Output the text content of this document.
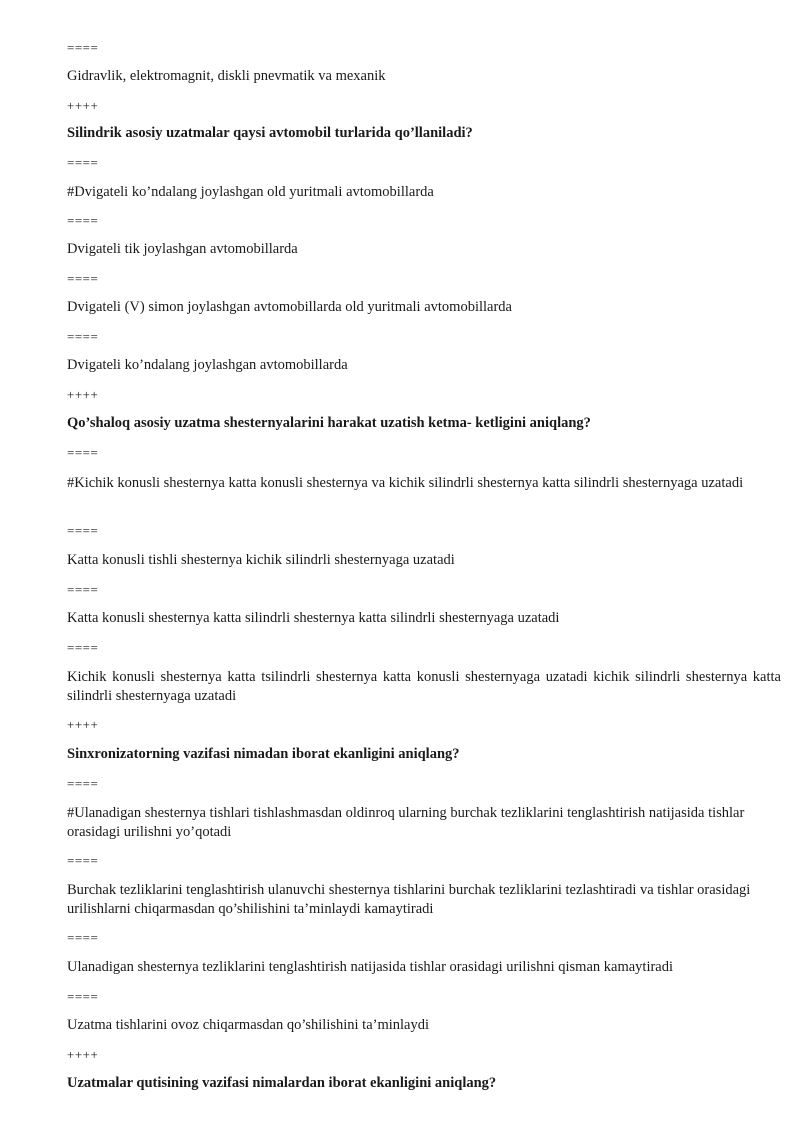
====

Gidravlik, elektromagnit, diskli pnevmatik va mexanik

++++

Silindrik asosiy uzatmalar qaysi avtomobil turlarida qo’llaniladi?

====

#Dvigateli ko’ndalang joylashgan old yuritmali avtomobillarda

====

Dvigateli tik joylashgan avtomobillarda

====

Dvigateli (V) simon joylashgan avtomobillarda old yuritmali avtomobillarda

====

Dvigateli ko’ndalang joylashgan avtomobillarda

++++

Qo’shaloq asosiy uzatma shesternyalarini harakat uzatish ketma- ketligini aniqlang?

====

#Kichik konusli shesternya katta konusli shesternya va kichik silindrli shesternya katta silindrli shesternyaga uzatadi

====

Katta konusli tishli shesternya kichik silindrli shesternyaga uzatadi

====

Katta konusli shesternya katta silindrli shesternya katta silindrli shesternyaga uzatadi

====

Kichik konusli shesternya katta tsilindrli shesternya katta konusli shesternyaga uzatadi kichik silindrli shesternya katta silindrli shesternyaga uzatadi

++++

Sinxronizatorning vazifasi nimadan iborat ekanligini aniqlang?

====

#Ulanadigan shesternya tishlari tishlashmasdan oldinroq ularning burchak tezliklarini tenglashtirish natijasida tishlar orasidagi urilishni yo’qotadi

====

Burchak tezliklarini tenglashtirish ulanuvchi shesternya tishlarini burchak tezliklarini tezlashtiradi va tishlar orasidagi urilishlarni chiqarmasdan qo’shilishini ta’minlaydi kamaytiradi

====

Ulanadigan shesternya tezliklarini tenglashtirish natijasida tishlar orasidagi urilishni qisman kamaytiradi

====

Uzatma tishlarini ovoz chiqarmasdan qo’shilishini ta’minlaydi

++++

Uzatmalar qutisining vazifasi nimalardan iborat ekanligini aniqlang?
